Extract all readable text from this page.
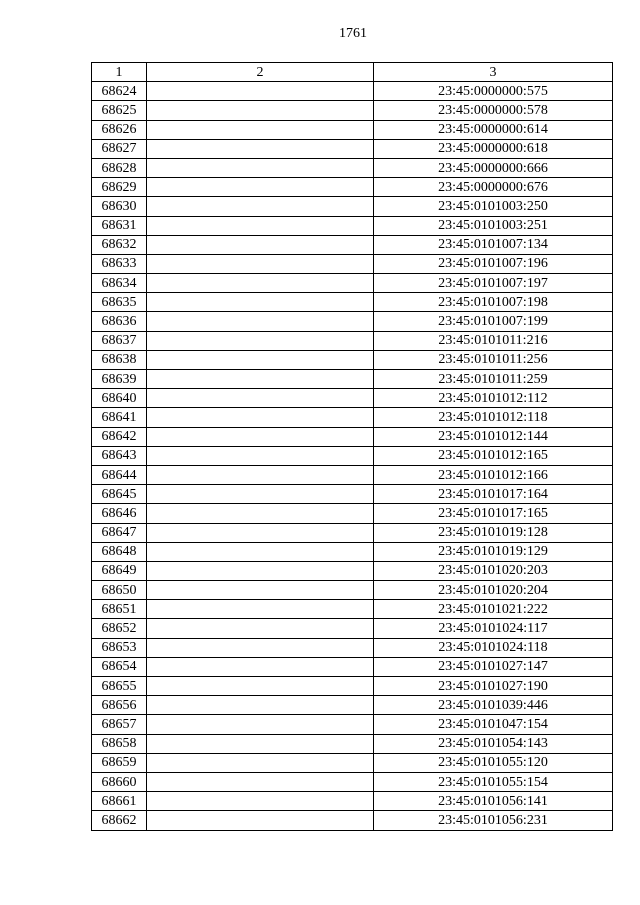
1761
1	2	3
68624		23:45:0000000:575
68625		23:45:0000000:578
68626		23:45:0000000:614
68627		23:45:0000000:618
68628		23:45:0000000:666
68629		23:45:0000000:676
68630		23:45:0101003:250
68631		23:45:0101003:251
68632		23:45:0101007:134
68633		23:45:0101007:196
68634		23:45:0101007:197
68635		23:45:0101007:198
68636		23:45:0101007:199
68637		23:45:0101011:216
68638		23:45:0101011:256
68639		23:45:0101011:259
68640		23:45:0101012:112
68641		23:45:0101012:118
68642		23:45:0101012:144
68643		23:45:0101012:165
68644		23:45:0101012:166
68645		23:45:0101017:164
68646		23:45:0101017:165
68647		23:45:0101019:128
68648		23:45:0101019:129
68649		23:45:0101020:203
68650		23:45:0101020:204
68651		23:45:0101021:222
68652		23:45:0101024:117
68653		23:45:0101024:118
68654		23:45:0101027:147
68655		23:45:0101027:190
68656		23:45:0101039:446
68657		23:45:0101047:154
68658		23:45:0101054:143
68659		23:45:0101055:120
68660		23:45:0101055:154
68661		23:45:0101056:141
68662		23:45:0101056:231
